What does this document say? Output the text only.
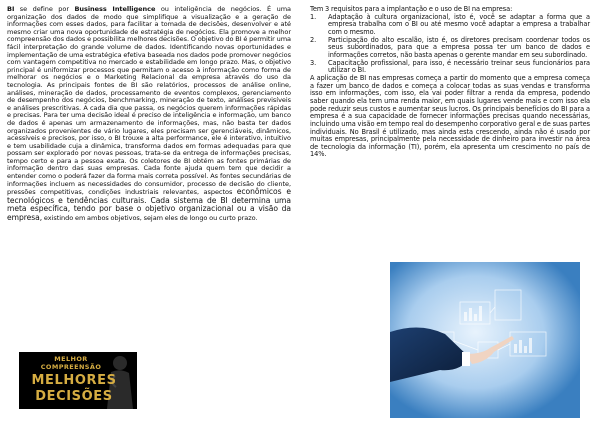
BI se define por Business Intelligence ou inteligência de negócios. É uma organização dos dados de modo que simplifique a visualização e a geração de informações com esses dados, para facilitar a tomada de decisões, desenvolver e até mesmo criar uma nova oportunidade de estratégia de negócios. Ela promove a melhor compreensão dos dados e possibilita melhores decisões. O objetivo do BI é permitir uma fácil interpretação do grande volume de dados. Identificando novas oportunidades e implementação de uma estratégica efetiva baseada nos dados pode promover negócios com vantagem competitiva no mercado e estabilidade em longo prazo. Mas, o objetivo principal é uniformizar processos que permitam o acesso à informação como forma de melhorar os negócios e o Marketing Relacional da empresa através do uso da tecnologia. As principais fontes de BI são relatórios, processos de análise online, análises, mineração de dados, processamento de eventos complexos, gerenciamento de desempenho dos negócios, benchmarking, mineração de texto, análises previsíveis e análises prescritivas. A cada dia que passa, os negócios querem informações rápidas e precisas. Para ter uma decisão ideal é preciso de inteligência e informação, um banco de dados é apenas um armazenamento de informações, mas, não basta ter dados organizados provenientes de vário lugares, eles precisam ser gerenciáveis, dinâmicos, acessíveis e precisos, por isso, o BI trouxe a alta performance, ele é interativo, intuitivo e tem usabilidade cuja a dinâmica, transforma dados em formas adequadas para que possam ser explorado por novas pessoas, trata-se da entrega de informações precisas, tempo certo e para a pessoa exata. Os coletores de BI obtém as fontes primárias de informação dentro das suas empresas. Cada fonte ajuda quem tem que decidir a entender como o poderá fazer da forma mais correta possível. As fontes secundárias de informações incluem as necessidades do consumidor, processo de decisão do cliente, pressões competitivas, condições industriais relevantes, aspectos econômicos e tecnológicos e tendências culturais. Cada sistema de BI determina uma meta específica, tendo por base o objetivo organizacional ou a visão da empresa, existindo em ambos objetivos, sejam eles de longo ou curto prazo.

MELHOR
COMPREENSÃO
MELHORES
DECISÕES

Tem 3 requisitos para a implantação e o uso de BI na empresa:

1.	Adaptação à cultura organizacional, isto é, você se adaptar a forma que a empresa trabalha com o BI ou até mesmo você adaptar a empresa a trabalhar com o mesmo.
2.	Participação do alto escalão, isto é, os diretores precisam coordenar todos os seus subordinados, para que a empresa possa ter um banco de dados e informações corretos, não basta apenas o gerente mandar em seu subordinado.
3.	Capacitação profissional, para isso, é necessário treinar seus funcionários para utilizar o BI.

A aplicação de BI nas empresas começa a partir do momento que a empresa começa a fazer um banco de dados e começa a colocar todas as suas vendas e transforma isso em informações, com isso, ela vai poder filtrar a renda da empresa, podendo saber quando ela tem uma renda maior, em quais lugares vende mais e com isso ela pode reduzir seus custos e aumentar seus lucros. Os principais benefícios do BI para a empresa é a sua capacidade de fornecer informações precisas quando necessárias, incluindo uma visão em tempo real do desempenho corporativo geral e de suas partes individuais. No Brasil é utilizado, mas ainda esta crescendo, ainda não é usado por muitas empresas, principalmente pela necessidade de dinheiro para investir na área de tecnologia da informação (TI), porém, ela apresenta um crescimento no país de 14%.
